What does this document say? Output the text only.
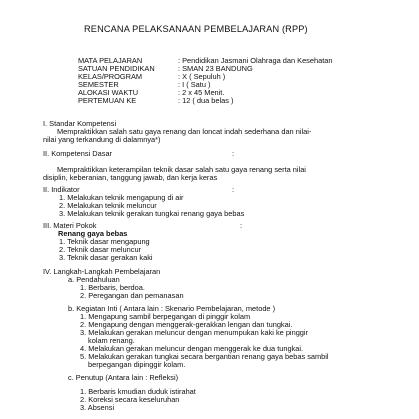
RENCANA PELAKSANAAN PEMBELAJARAN (RPP)
MATA PELAJARAN	: Pendidikan Jasmani Olahraga dan Kesehatan
SATUAN PENDIDIKAN	: SMAN 23 BANDUNG
KELAS/PROGRAM	: X ( Sepuluh )
SEMESTER	: I ( Satu )
ALOKASI WAKTU	: 2 x 45 Menit.
PERTEMUAN KE	: 12 ( dua belas )
I. Standar Kompetensi
Mempraktikkan salah satu gaya renang dan loncat indah sederhana dan nilai-
nilai yang terkandung di dalamnya*)
II. Kompetensi Dasar	:
Mempraktikkan keterampilan teknik dasar salah satu gaya renang serta nilai
disiplin, keberanian, tanggung jawab, dan kerja keras
II. Indikator	:
1. Melakukan teknik mengapung di air
2. Melakukan teknik meluncur
3. Melakukan teknik gerakan tungkai renang gaya bebas
III. Materi Pokok	:
Renang gaya bebas
1. Teknik dasar mengapung
2. Teknik dasar meluncur
3. Teknik dasar gerakan kaki
IV. Langkah-Langkah Pembelajaran
a. Pendahuluan
1. Berbaris, berdoa.
2. Peregangan dan pemanasan
b. Kegiatan Inti ( Antara lain : Skenario Pembelajaran, metode )
1. Mengapung sambil berpegangan di pinggir kolam
2. Mengapung dengan menggerak-gerakkan lengan dan tungkai.
3. Melakukan gerakan meluncur dengan menumpukan kaki ke pinggir
kolam renang.
4. Melakukan gerakan meluncur dengan menggerak ke dua tungkai.
5. Melakukan gerakan tungkai secara bergantian renang gaya bebas sambil
berpegangan dipinggir kolam.
c. Penutup (Antara lain : Refleksi)
1. Berbaris kmudian duduk istirahat
2. Koreksi secara keseluruhan
3. Absensi
